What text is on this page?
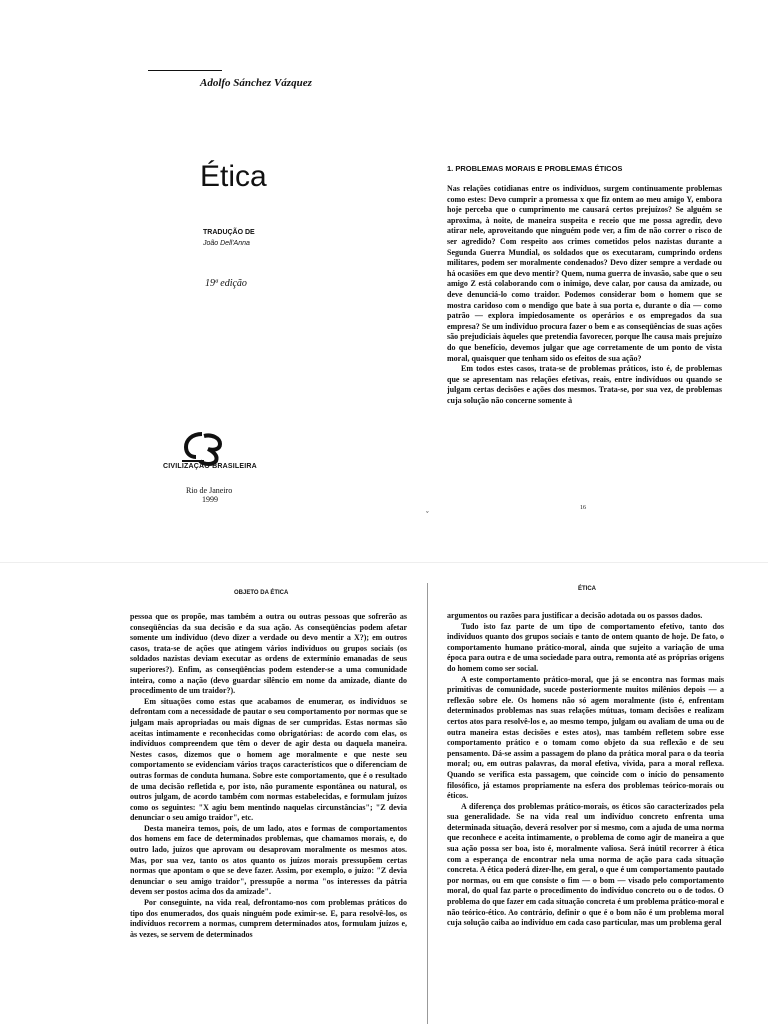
Adolfo Sánchez Vázquez
Ética
TRADUÇÃO DE
João Dell'Anna
19ª edição
CIVILIZAÇÃO BRASILEIRA
Rio de Janeiro
1999
1. PROBLEMAS MORAIS E PROBLEMAS ÉTICOS

Nas relações cotidianas entre os indivíduos, surgem continuamente problemas como estes: Devo cumprir a promessa x que fiz ontem ao meu amigo Y, embora hoje perceba que o cumprimento me causará certos prejuízos? Se alguém se aproxima, à noite, de maneira suspeita e receio que me possa agredir, devo atirar nele, aproveitando que ninguém pode ver, a fim de não correr o risco de ser agredido? Com respeito aos crimes cometidos pelos nazistas durante a Segunda Guerra Mundial, os soldados que os executaram, cumprindo ordens militares, podem ser moralmente condenados? Devo dizer sempre a verdade ou há ocasiões em que devo mentir? Quem, numa guerra de invasão, sabe que o seu amigo Z está colaborando com o inimigo, deve calar, por causa da amizade, ou deve denunciá-lo como traidor. Podemos considerar bom o homem que se mostra caridoso com o mendigo que bate à sua porta e, durante o dia — como patrão — explora impiedosamente os operários e os empregados da sua empresa? Se um indivíduo procura fazer o bem e as conseqüências de suas ações são prejudiciais àqueles que pretendia favorecer, porque lhe causa mais prejuízo do que benefício, devemos julgar que age corretamente de um ponto de vista moral, quaisquer que tenham sido os efeitos de sua ação?

Em todos estes casos, trata-se de problemas práticos, isto é, de problemas que se apresentam nas relações efetivas, reais, entre indivíduos ou quando se julgam certas decisões e ações dos mesmos. Trata-se, por sua vez, de problemas cuja solução não concerne somente à

16
ˇ
OBJETO DA ÉTICA
ÉTICA

pessoa que os propõe, mas também a outra ou outras pessoas que sofrerão as conseqüências da sua decisão e da sua ação. As conseqüências podem afetar somente um indivíduo (devo dizer a verdade ou devo mentir a X?); em outros casos, trata-se de ações que atingem vários indivíduos ou grupos sociais (os soldados nazistas deviam executar as ordens de extermínio emanadas de seus superiores?). Enfim, as conseqüências podem estender-se a uma comunidade inteira, como a nação (devo guardar silêncio em nome da amizade, diante do procedimento de um traidor?).

Em situações como estas que acabamos de enumerar, os indivíduos se defrontam com a necessidade de pautar o seu comportamento por normas que se julgam mais apropriadas ou mais dignas de ser cumpridas. Estas normas são aceitas intimamente e reconhecidas como obrigatórias: de acordo com elas, os indivíduos compreendem que têm o dever de agir desta ou daquela maneira. Nestes casos, dizemos que o homem age moralmente e que neste seu comportamento se evidenciam vários traços característicos que o diferenciam de outras formas de conduta humana. Sobre este comportamento, que é o resultado de uma decisão refletida e, por isto, não puramente espontânea ou natural, os outros julgam, de acordo também com normas estabelecidas, e formulam juízos como os seguintes: "X agiu bem mentindo naquelas circunstâncias"; "Z devia denunciar o seu amigo traidor", etc.

Desta maneira temos, pois, de um lado, atos e formas de comportamentos dos homens em face de determinados problemas, que chamamos morais, e, do outro lado, juízos que aprovam ou desaprovam moralmente os mesmos atos. Mas, por sua vez, tanto os atos quanto os juízos morais pressupõem certas normas que apontam o que se deve fazer. Assim, por exemplo, o juízo: "Z devia denunciar o seu amigo traidor", pressupõe a norma "os interesses da pátria devem ser postos acima dos da amizade".

Por conseguinte, na vida real, defrontamo-nos com problemas práticos do tipo dos enumerados, dos quais ninguém pode eximir-se. E, para resolvê-los, os indivíduos recorrem a normas, cumprem determinados atos, formulam juízos e, às vezes, se servem de determinados

argumentos ou razões para justificar a decisão adotada ou os passos dados.

Tudo isto faz parte de um tipo de comportamento efetivo, tanto dos indivíduos quanto dos grupos sociais e tanto de ontem quanto de hoje. De fato, o comportamento humano prático-moral, ainda que sujeito a variação de uma época para outra e de uma sociedade para outra, remonta até as próprias origens do homem como ser social.

A este comportamento prático-moral, que já se encontra nas formas mais primitivas de comunidade, sucede posteriormente muitos milênios depois — a reflexão sobre ele. Os homens não só agem moralmente (isto é, enfrentam determinados problemas nas suas relações mútuas, tomam decisões e realizam certos atos para resolvê-los e, ao mesmo tempo, julgam ou avaliam de uma ou de outra maneira estas decisões e estes atos), mas também refletem sobre esse comportamento prático e o tomam como objeto da sua reflexão e de seu pensamento. Dá-se assim a passagem do plano da prática moral para o da teoria moral; ou, em outras palavras, da moral efetiva, vivida, para a moral reflexa. Quando se verifica esta passagem, que coincide com o início do pensamento filosófico, já estamos propriamente na esfera dos problemas teórico-morais ou éticos.

A diferença dos problemas prático-morais, os éticos são caracterizados pela sua generalidade. Se na vida real um indivíduo concreto enfrenta uma determinada situação, deverá resolver por si mesmo, com a ajuda de uma norma que reconhece e aceita intimamente, o problema de como agir de maneira a que sua ação possa ser boa, isto é, moralmente valiosa. Será inútil recorrer à ética com a esperança de encontrar nela uma norma de ação para cada situação concreta. A ética poderá dizer-lhe, em geral, o que é um comportamento pautado por normas, ou em que consiste o fim — o bom — visado pelo comportamento moral, do qual faz parte o procedimento do indivíduo concreto ou o de todos. O problema do que fazer em cada situação concreta é um problema prático-moral e não teórico-ético. Ao contrário, definir o que é o bom não é um problema moral cuja solução caiba ao indivíduo em cada caso particular, mas um problema geral
